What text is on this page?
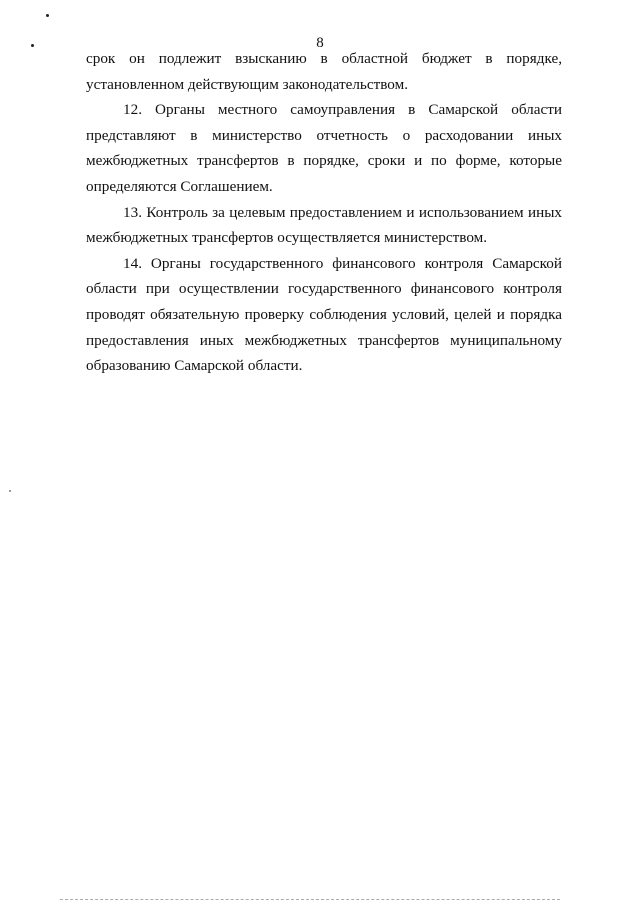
8

срок он подлежит взысканию в областной бюджет в порядке, установленном действующим законодательством.

12. Органы местного самоуправления в Самарской области представляют в министерство отчетность о расходовании иных межбюджетных трансфертов в порядке, сроки и по форме, которые определяются Соглашением.

13. Контроль за целевым предоставлением и использованием иных межбюджетных трансфертов осуществляется министерством.

14. Органы государственного финансового контроля Самарской области при осуществлении государственного финансового контроля проводят обязательную проверку соблюдения условий, целей и порядка предоставления иных межбюджетных трансфертов муниципальному образованию Самарской области.
